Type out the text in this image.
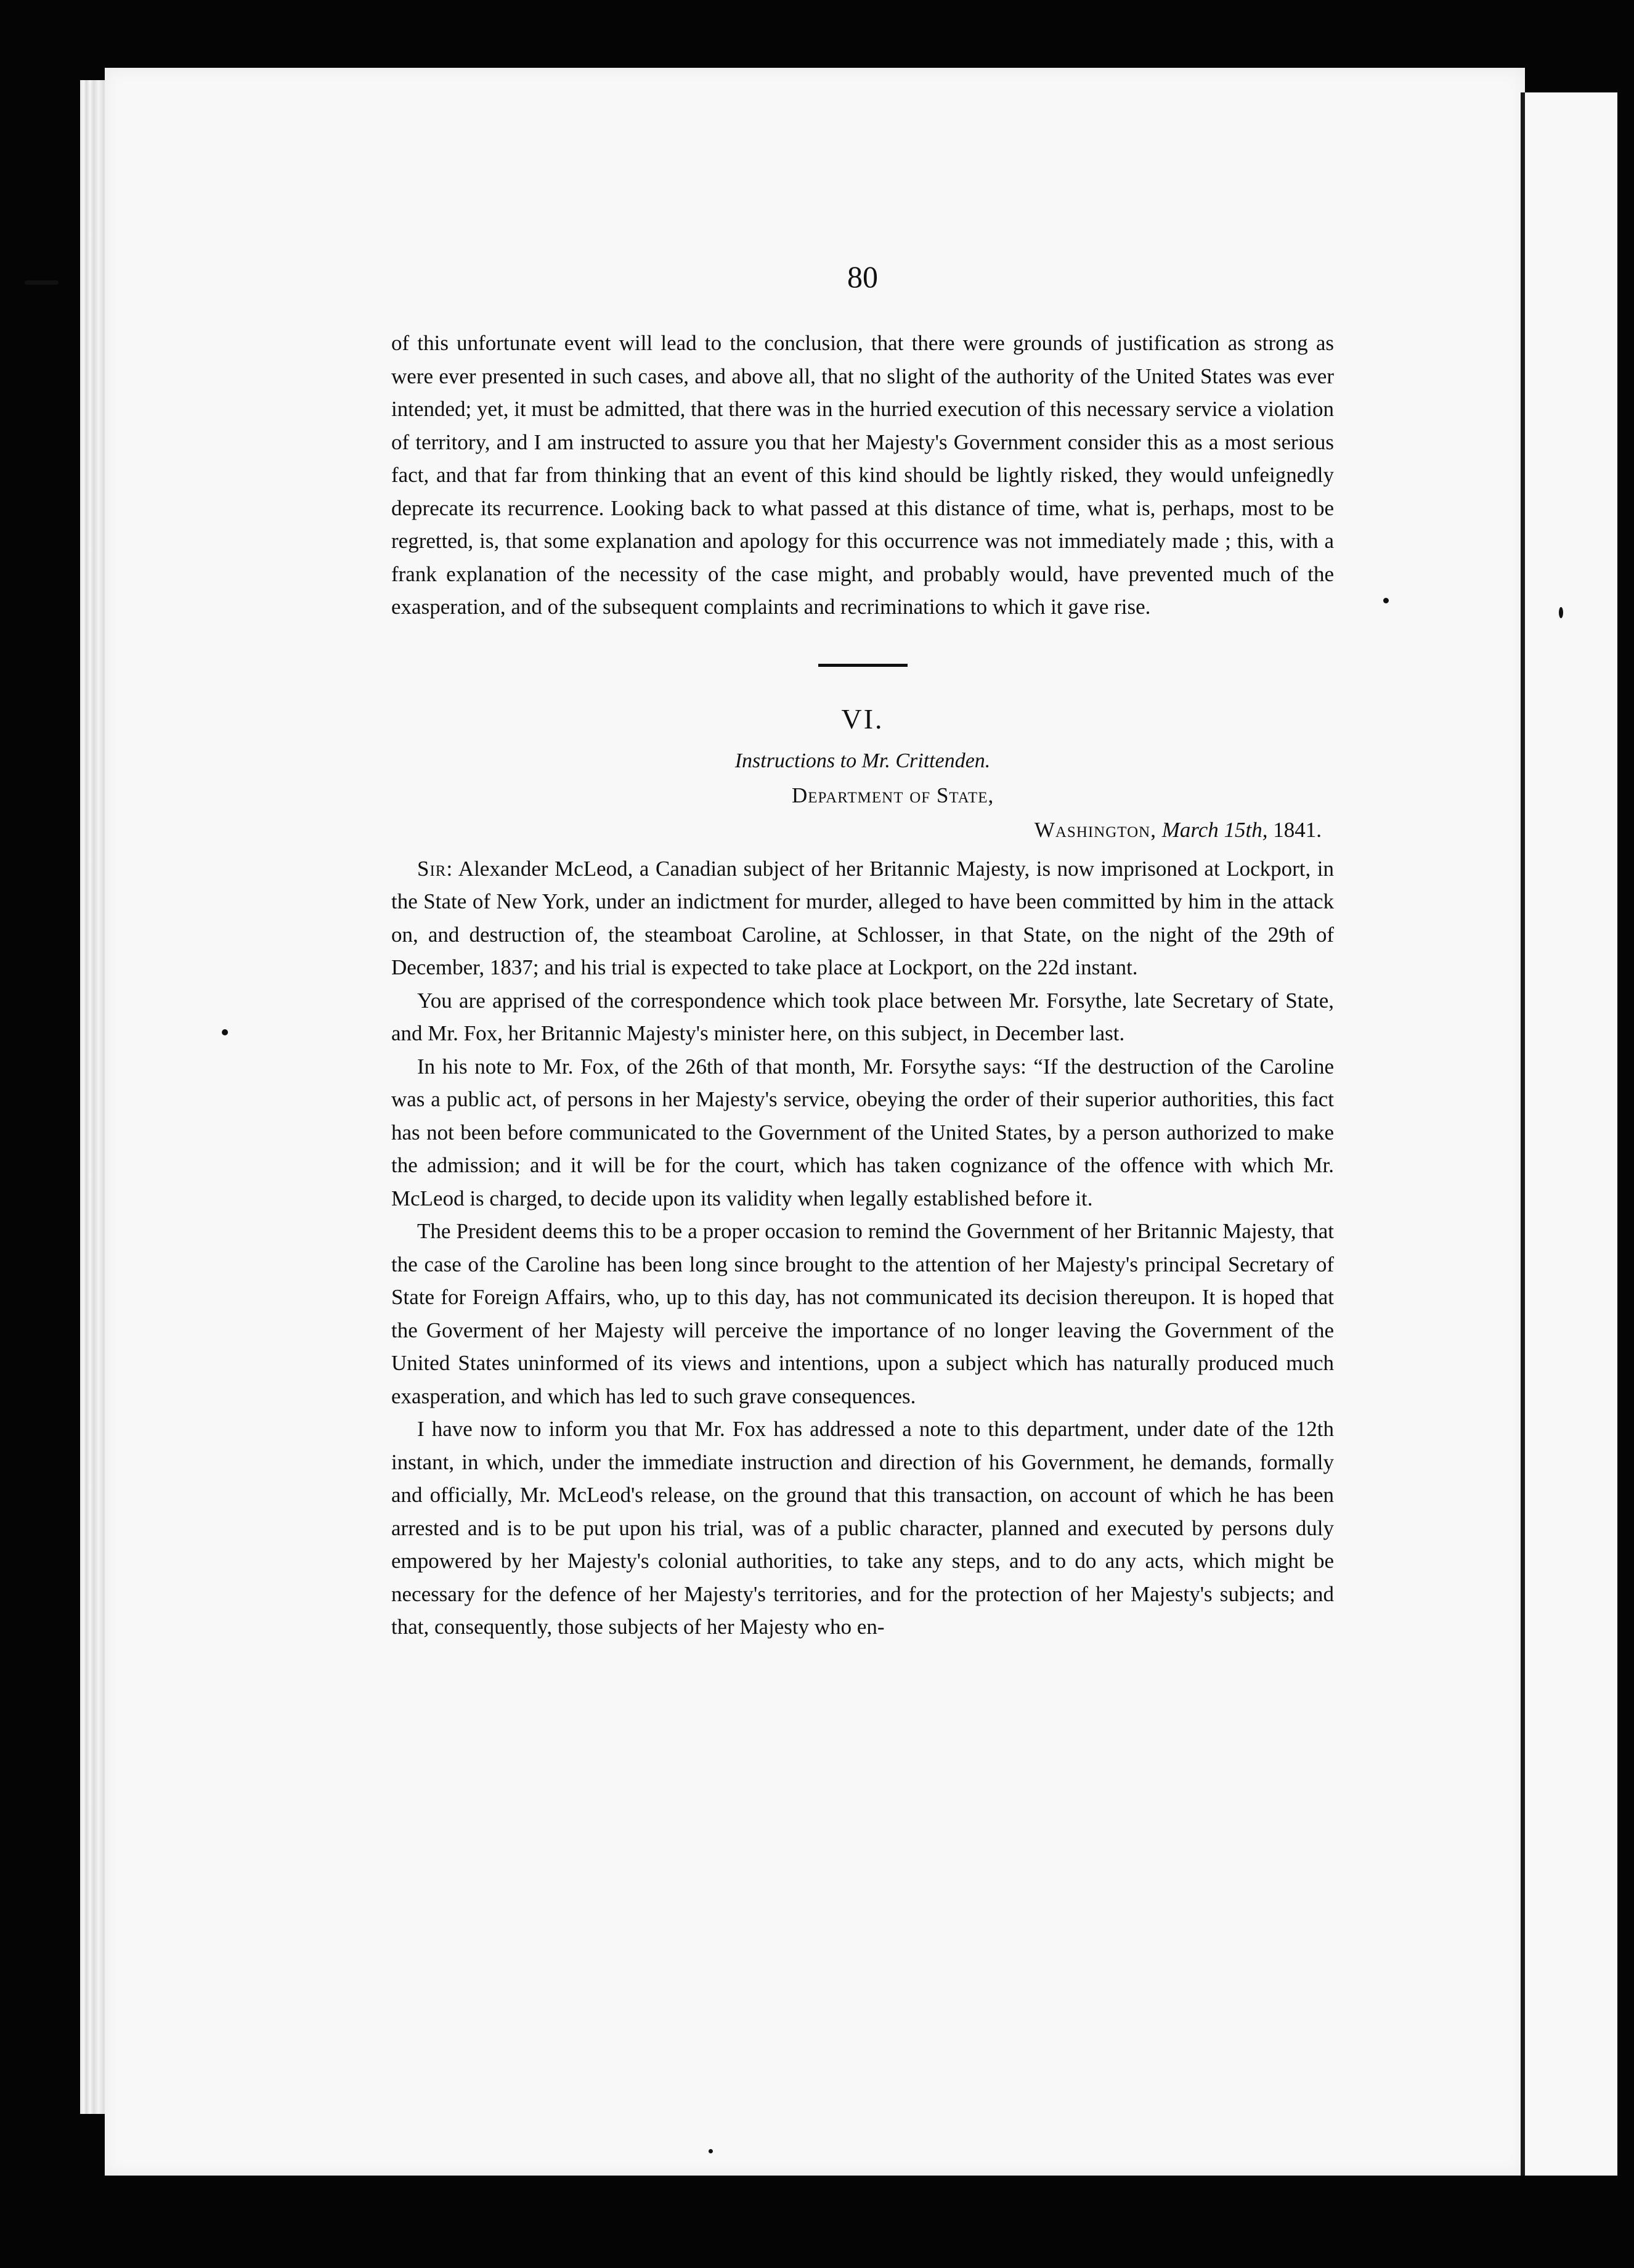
80

of this unfortunate event will lead to the conclusion, that there were grounds of justification as strong as were ever presented in such cases, and above all, that no slight of the authority of the United States was ever intended; yet, it must be admitted, that there was in the hurried execution of this necessary service a violation of territory, and I am instructed to assure you that her Majesty's Government consider this as a most serious fact, and that far from thinking that an event of this kind should be lightly risked, they would unfeignedly deprecate its recurrence. Looking back to what passed at this distance of time, what is, perhaps, most to be regretted, is, that some explanation and apology for this occurrence was not immediately made ; this, with a frank explanation of the necessity of the case might, and probably would, have prevented much of the exasperation, and of the subsequent complaints and recriminations to which it gave rise.

VI.
Instructions to Mr. Crittenden.
Department of State,
Washington, March 15th, 1841.

Sir: Alexander McLeod, a Canadian subject of her Britannic Majesty, is now imprisoned at Lockport, in the State of New York, under an indictment for murder, alleged to have been committed by him in the attack on, and destruction of, the steamboat Caroline, at Schlosser, in that State, on the night of the 29th of December, 1837; and his trial is expected to take place at Lockport, on the 22d instant.

You are apprised of the correspondence which took place between Mr. Forsythe, late Secretary of State, and Mr. Fox, her Britannic Majesty's minister here, on this subject, in December last.

In his note to Mr. Fox, of the 26th of that month, Mr. Forsythe says: “If the destruction of the Caroline was a public act, of persons in her Majesty's service, obeying the order of their superior authorities, this fact has not been before communicated to the Government of the United States, by a person authorized to make the admission; and it will be for the court, which has taken cognizance of the offence with which Mr. McLeod is charged, to decide upon its validity when legally established before it.

The President deems this to be a proper occasion to remind the Government of her Britannic Majesty, that the case of the Caroline has been long since brought to the attention of her Majesty's principal Secretary of State for Foreign Affairs, who, up to this day, has not communicated its decision thereupon. It is hoped that the Goverment of her Majesty will perceive the importance of no longer leaving the Government of the United States uninformed of its views and intentions, upon a subject which has naturally produced much exasperation, and which has led to such grave consequences.

I have now to inform you that Mr. Fox has addressed a note to this department, under date of the 12th instant, in which, under the immediate instruction and direction of his Government, he demands, formally and officially, Mr. McLeod's release, on the ground that this transaction, on account of which he has been arrested and is to be put upon his trial, was of a public character, planned and executed by persons duly empowered by her Majesty's colonial authorities, to take any steps, and to do any acts, which might be necessary for the defence of her Majesty's territories, and for the protection of her Majesty's subjects; and that, consequently, those subjects of her Majesty who en-
